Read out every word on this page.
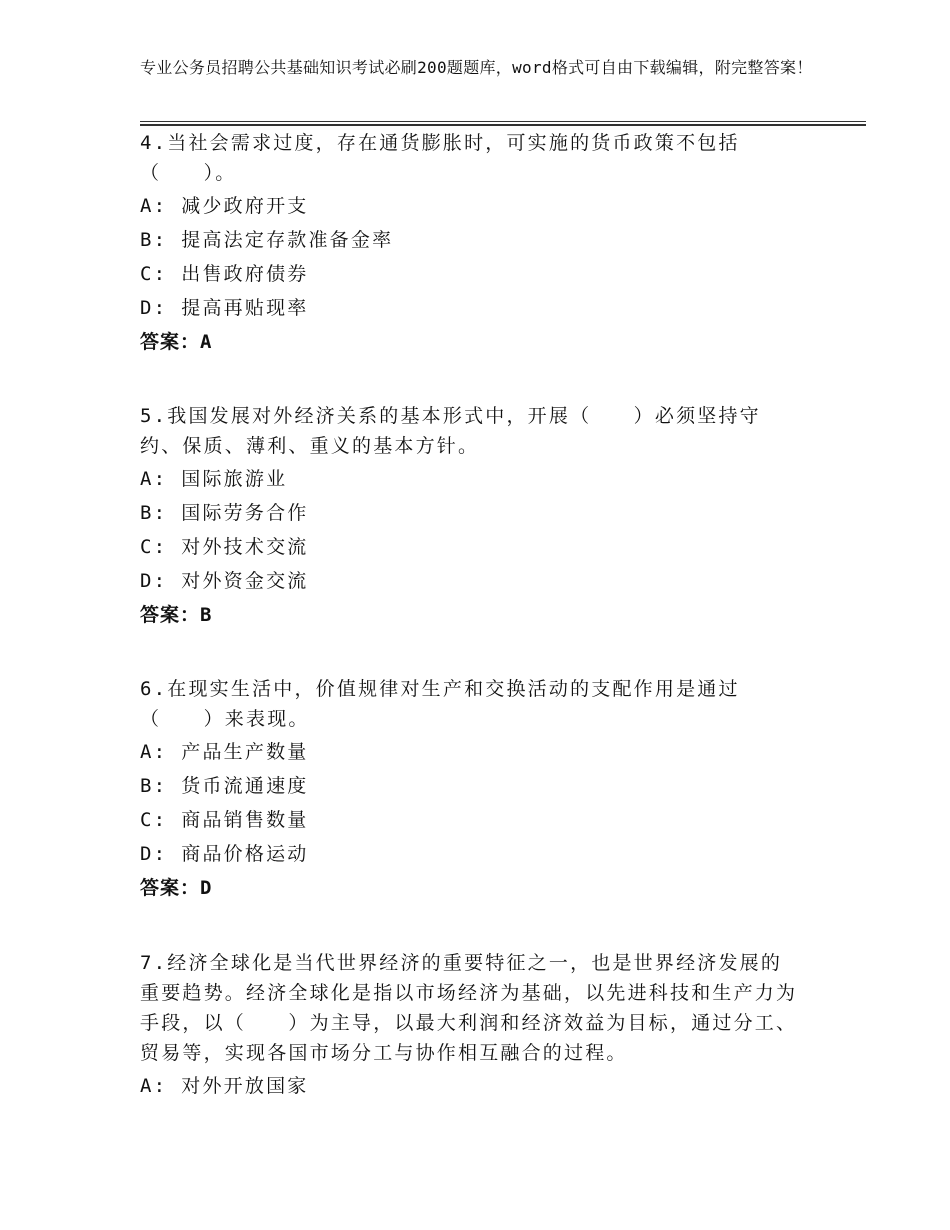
专业公务员招聘公共基础知识考试必刷200题题库，word格式可自由下载编辑，附完整答案！

4.当社会需求过度，存在通货膨胀时，可实施的货币政策不包括（　　）。

A: 减少政府开支

B: 提高法定存款准备金率

C: 出售政府债券

D: 提高再贴现率

答案：A

5.我国发展对外经济关系的基本形式中，开展（　　）必须坚持守约、保质、薄利、重义的基本方针。

A: 国际旅游业

B: 国际劳务合作

C: 对外技术交流

D: 对外资金交流

答案：B

6.在现实生活中，价值规律对生产和交换活动的支配作用是通过（　　）来表现。

A: 产品生产数量

B: 货币流通速度

C: 商品销售数量

D: 商品价格运动

答案：D

7.经济全球化是当代世界经济的重要特征之一，也是世界经济发展的重要趋势。经济全球化是指以市场经济为基础，以先进科技和生产力为手段，以（　　）为主导，以最大利润和经济效益为目标，通过分工、贸易等，实现各国市场分工与协作相互融合的过程。

A: 对外开放国家
